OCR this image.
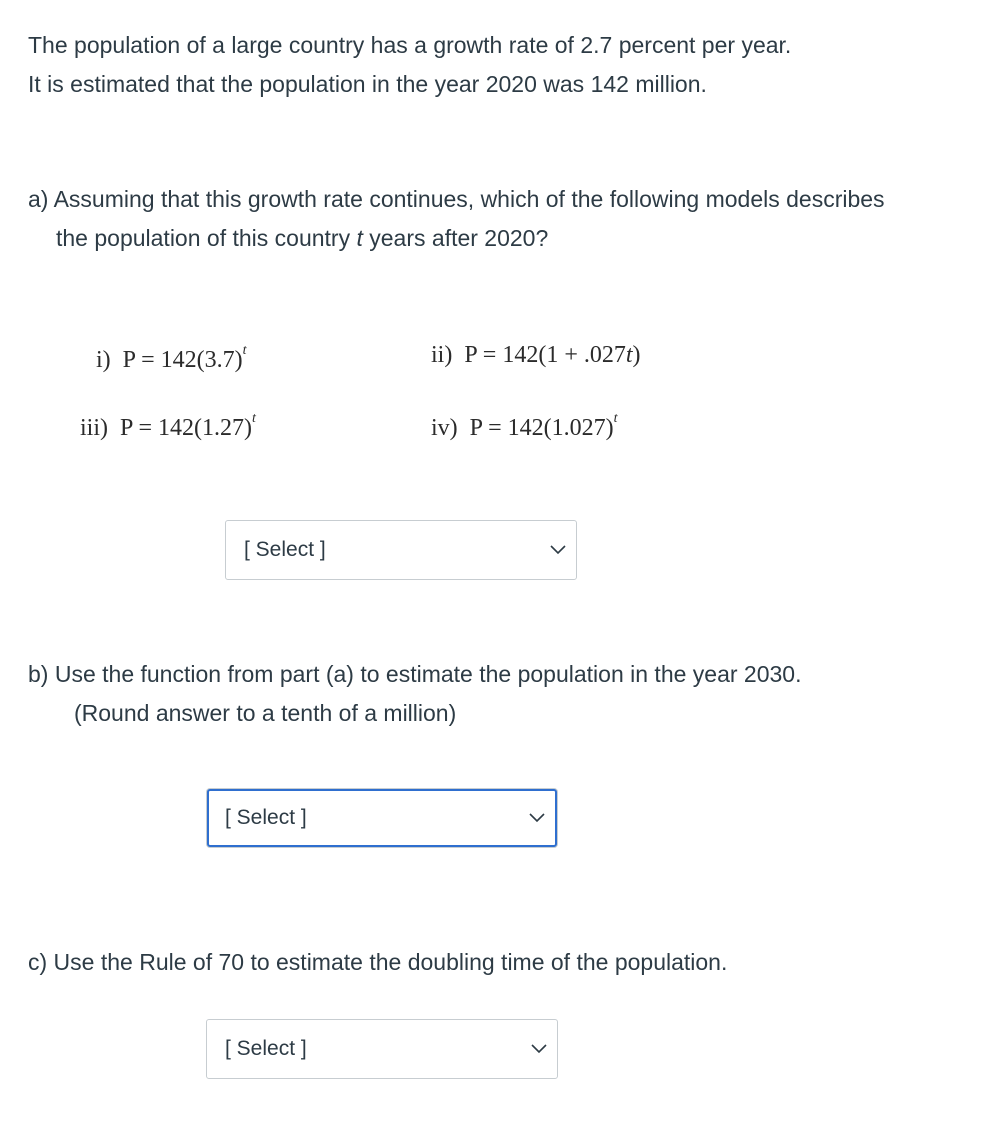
The population of a large country has a growth rate of 2.7 percent per year.
It is estimated that the population in the year 2020 was 142 million.
a) Assuming that this growth rate continues, which of the following models describes
the population of this country t years after 2020?
i) $P = 142(3.7)^t$	ii) P = 142(1 + .027t)
iii) $P = 142(1.27)^t$	iv) $P = 142(1.027)^t$
[ Select ]
b) Use the function from part (a) to estimate the population in the year 2030.
(Round answer to a tenth of a million)
[ Select ]
c) Use the Rule of 70 to estimate the doubling time of the population.
[ Select ]
